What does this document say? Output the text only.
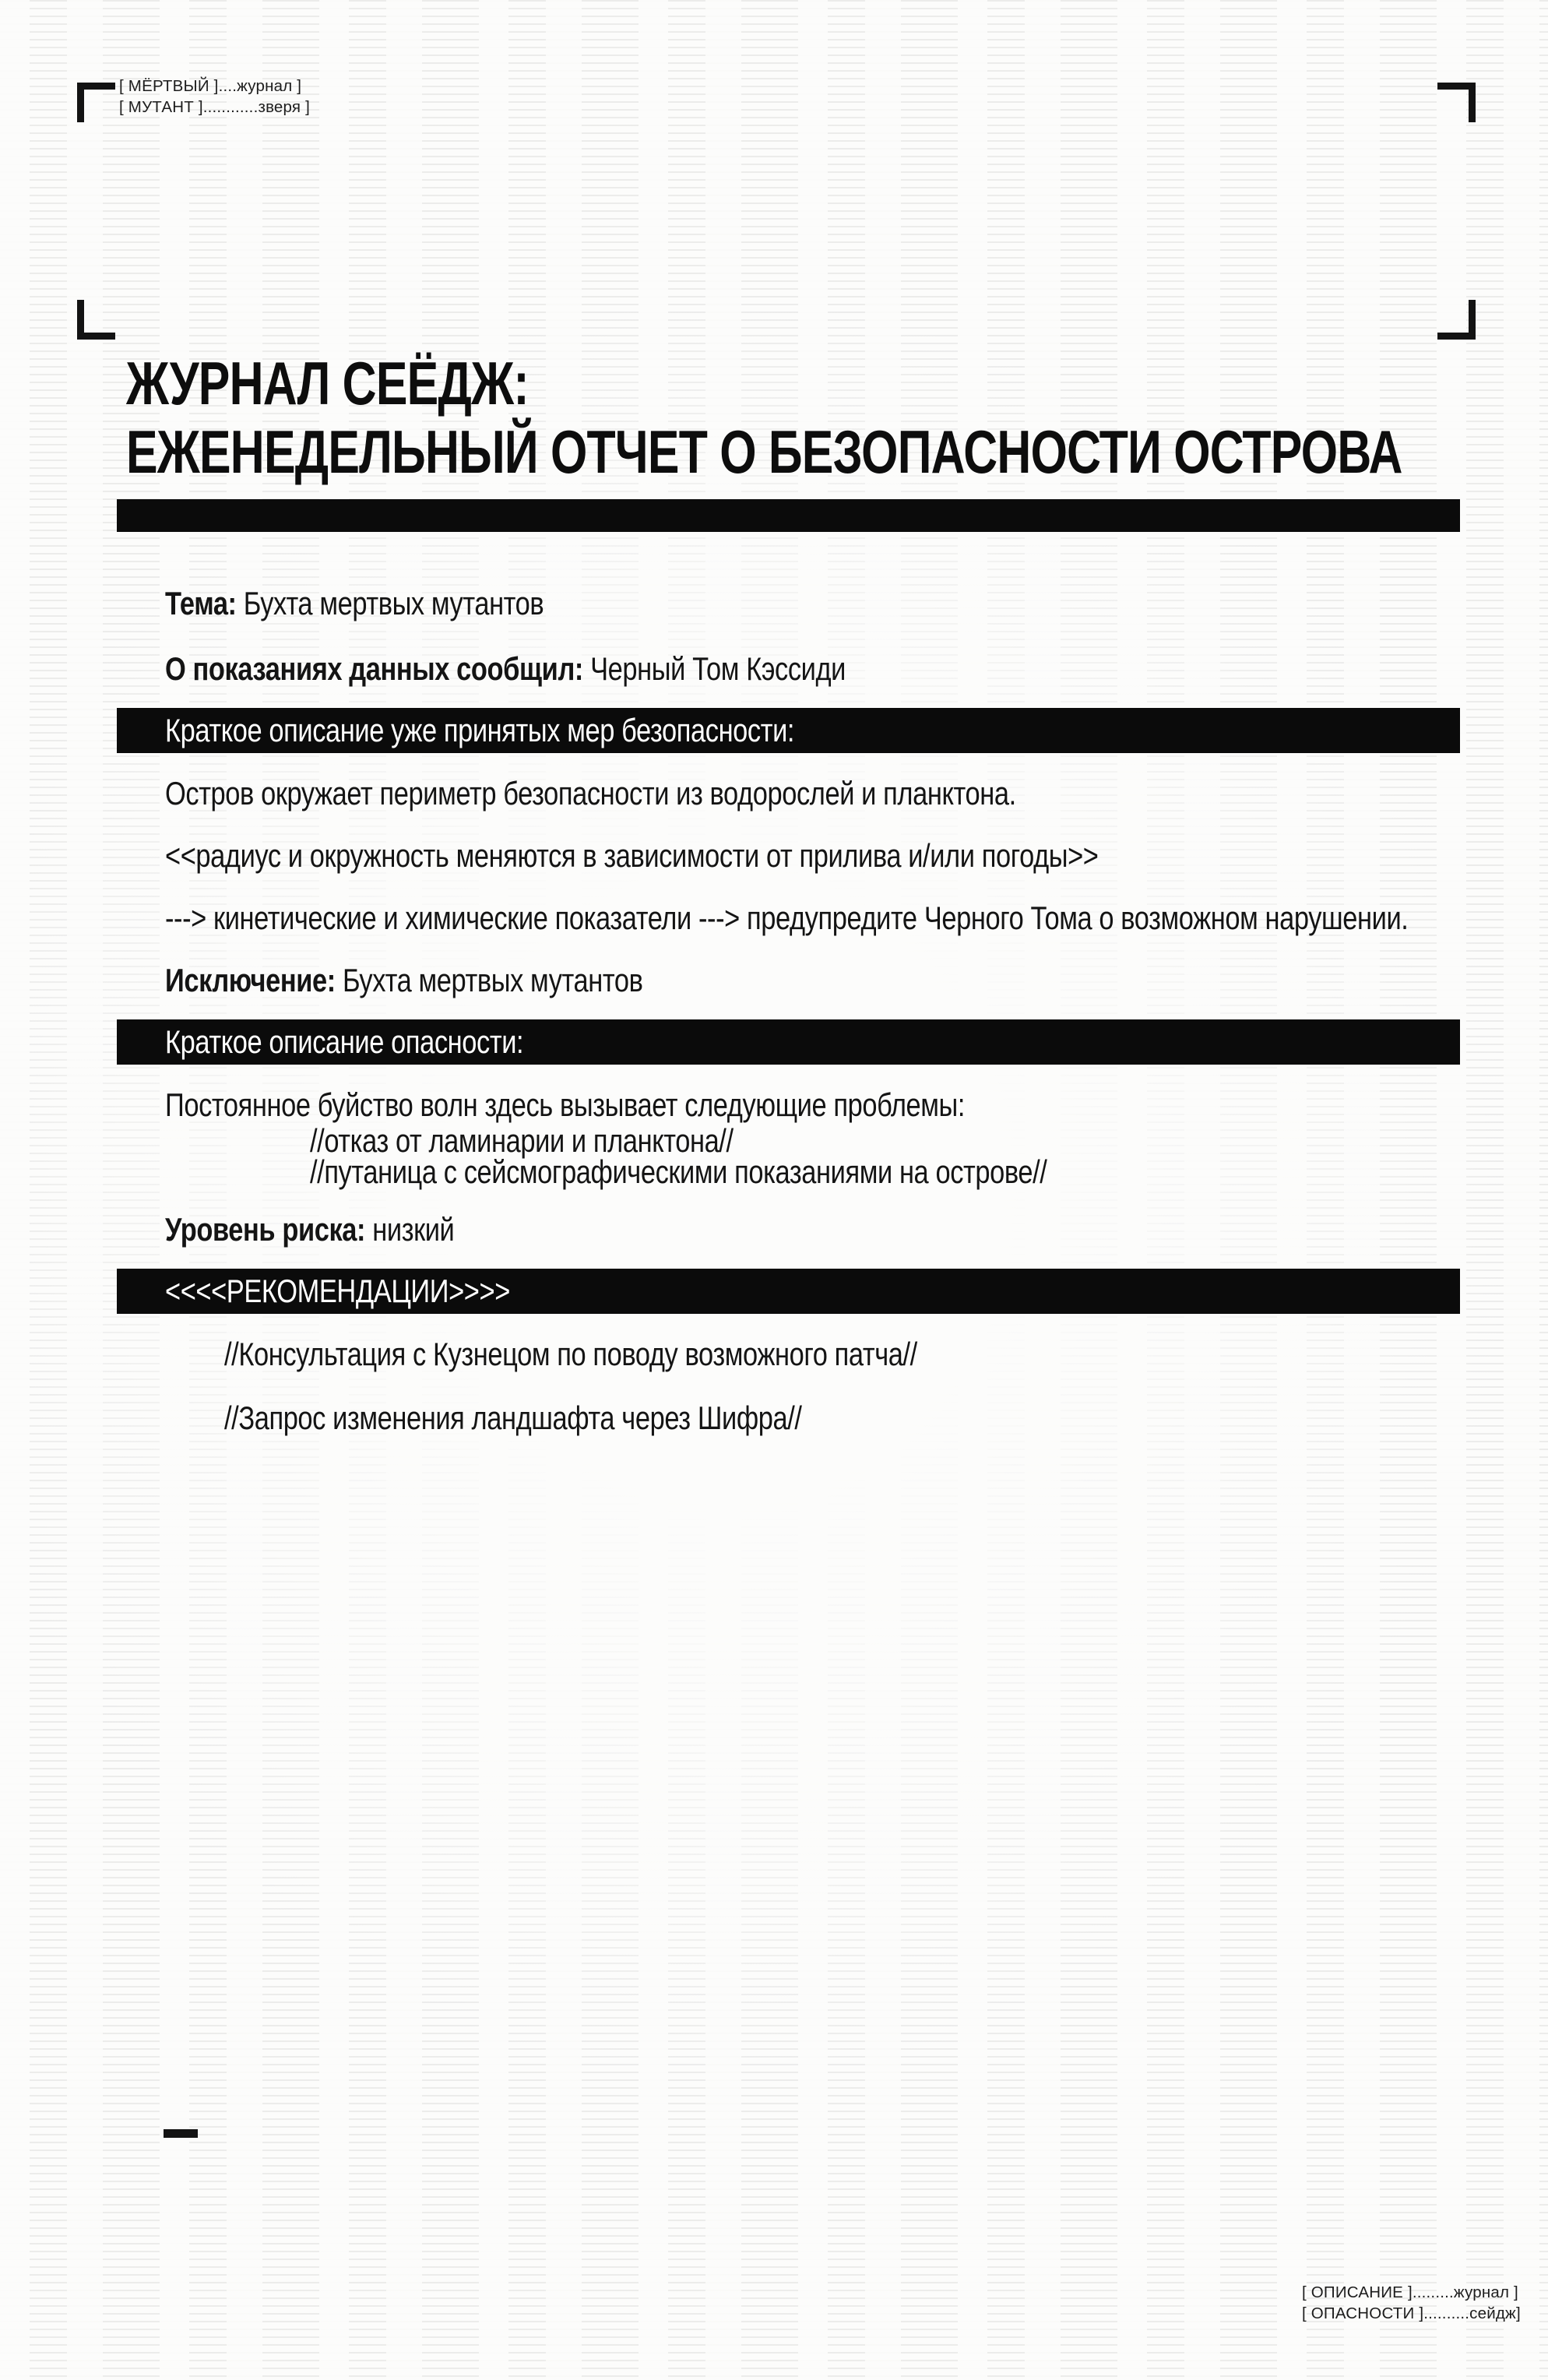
[ МЁРТВЫЙ ]....журнал ]
[ МУТАНТ ]............зверя ]
ЖУРНАЛ СЕЁДЖ:
ЕЖЕНЕДЕЛЬНЫЙ ОТЧЕТ О БЕЗОПАСНОСТИ ОСТРОВА

Тема: Бухта мертвых мутантов

О показаниях данных сообщил: Черный Том Кэссиди

Краткое описание уже принятых мер безопасности:

Остров окружает периметр безопасности из водорослей и планктона.

<<радиус и окружность меняются в зависимости от прилива и/или погоды>>

---> кинетические и химические показатели ---> предупредите Черного Тома о возможном нарушении.

Исключение: Бухта мертвых мутантов

Краткое описание опасности:
Постоянное буйство волн здесь вызывает следующие проблемы:
//отказ от ламинарии и планктона//
//путаница с сейсмографическими показаниями на острове//

Уровень риска: низкий

<<<<РЕКОМЕНДАЦИИ>>>>

//Консультация с Кузнецом по поводу возможного патча//

//Запрос изменения ландшафта через Шифра//

[ ОПИСАНИЕ ].........журнал ]
[ ОПАСНОСТИ ]..........сейдж]
